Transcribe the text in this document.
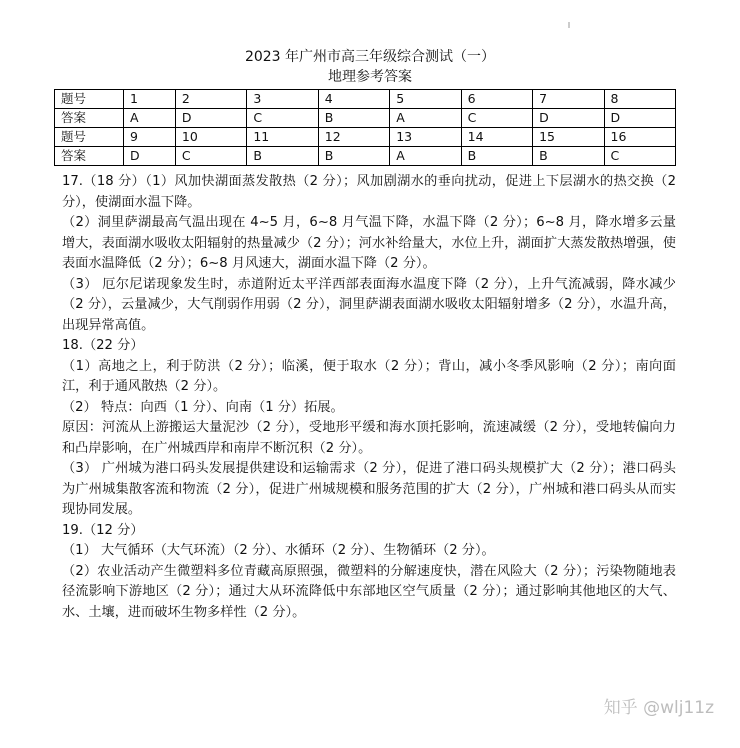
2023 年广州市高三年级综合测试（一）
地理参考答案
题号	1	2	3	4	5	6	7	8
答案	A	D	C	B	A	C	D	D
题号	9	10	11	12	13	14	15	16
答案	D	C	B	B	A	B	B	C

17.（18 分）（1）风加快湖面蒸发散热（2 分）；风加剧湖水的垂向扰动，促进上下层湖水的热交换（2 分），使湖面水温下降。

（2）洞里萨湖最高气温出现在 4~5 月，6~8 月气温下降，水温下降（2 分）；6~8 月，降水增多云量增大，表面湖水吸收太阳辐射的热量减少（2 分）；河水补给量大，水位上升，湖面扩大蒸发散热增强，使表面水温降低（2 分）；6~8 月风速大，湖面水温下降（2 分）。

（3） 厄尔尼诺现象发生时，赤道附近太平洋西部表面海水温度下降（2 分），上升气流减弱，降水减少（2 分），云量减少，大气削弱作用弱（2 分），洞里萨湖表面湖水吸收太阳辐射增多（2 分），水温升高，出现异常高值。

18.（22 分）

（1）高地之上，利于防洪（2 分）；临溪，便于取水（2 分）；背山，减小冬季风影响（2 分）；南向面江，利于通风散热（2 分）。

（2） 特点：向西（1 分）、向南（1 分）拓展。

原因：河流从上游搬运大量泥沙（2 分），受地形平缓和海水顶托影响，流速减缓（2 分），受地转偏向力和凸岸影响，在广州城西岸和南岸不断沉积（2 分）。

（3） 广州城为港口码头发展提供建设和运输需求（2 分），促进了港口码头规模扩大（2 分）；港口码头为广州城集散客流和物流（2 分），促进广州城规模和服务范围的扩大（2 分），广州城和港口码头从而实现协同发展。

19.（12 分）

（1） 大气循环（大气环流）（2 分）、水循环（2 分）、生物循环（2 分）。

（2）农业活动产生微塑料多位青藏高原照强，微塑料的分解速度快，潜在风险大（2 分）；污染物随地表径流影响下游地区（2 分）；通过大从环流降低中东部地区空气质量（2 分）；通过影响其他地区的大气、水、土壤，进而破坏生物多样性（2 分）。

知乎 @wlj11z
